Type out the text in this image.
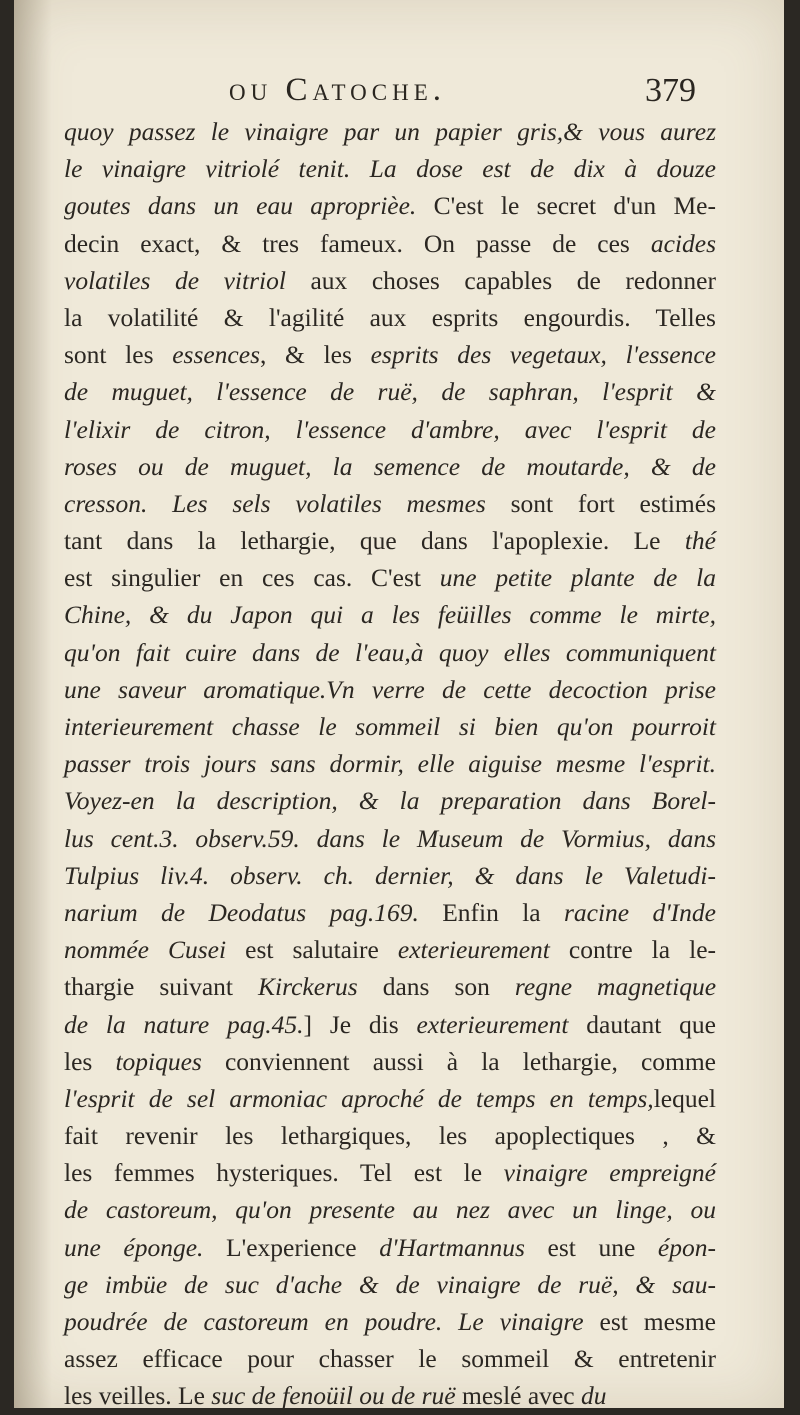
ou Catoche.	379
quoy passez le vinaigre par un papier gris,& vous aurez
le vinaigre vitriolé tenit. La dose est de dix à douze
goutes dans un eau aproprièe. C'est le secret d'un Me-
decin exact, & tres fameux. On passe de ces acides
volatiles de vitriol aux choses capables de redonner
la volatilité & l'agilité aux esprits engourdis. Telles
sont les essences, & les esprits des vegetaux, l'essence
de muguet, l'essence de ruë, de saphran, l'esprit &
l'elixir de citron, l'essence d'ambre, avec l'esprit de
roses ou de muguet, la semence de moutarde, & de
cresson. Les sels volatiles mesmes sont fort estimés
tant dans la lethargie, que dans l'apoplexie. Le thé
est singulier en ces cas. C'est une petite plante de la
Chine, & du Japon qui a les feüilles comme le mirte,
qu'on fait cuire dans de l'eau,à quoy elles communiquent
une saveur aromatique.Vn verre de cette decoction prise
interieurement chasse le sommeil si bien qu'on pourroit
passer trois jours sans dormir, elle aiguise mesme l'esprit.
Voyez-en la description, & la preparation dans Borel-
lus cent.3. observ.59. dans le Museum de Vormius, dans
Tulpius liv.4. observ. ch. dernier, & dans le Valetudi-
narium de Deodatus pag.169. Enfin la racine d'Inde
nommée Cusei est salutaire exterieurement contre la le-
thargie suivant Kirckerus dans son regne magnetique
de la nature pag.45.] Je dis exterieurement dautant que
les topiques conviennent aussi à la lethargie, comme
l'esprit de sel armoniac aproché de temps en temps,lequel
fait revenir les lethargiques, les apoplectiques , &
les femmes hysteriques. Tel est le vinaigre empreigné
de castoreum, qu'on presente au nez avec un linge, ou
une éponge. L'experience d'Hartmannus est une épon-
ge imbüe de suc d'ache & de vinaigre de ruë, & sau-
poudrée de castoreum en poudre. Le vinaigre est mesme
assez efficace pour chasser le sommeil & entretenir
les veilles. Le suc de fenoüil ou de ruë meslé avec du
